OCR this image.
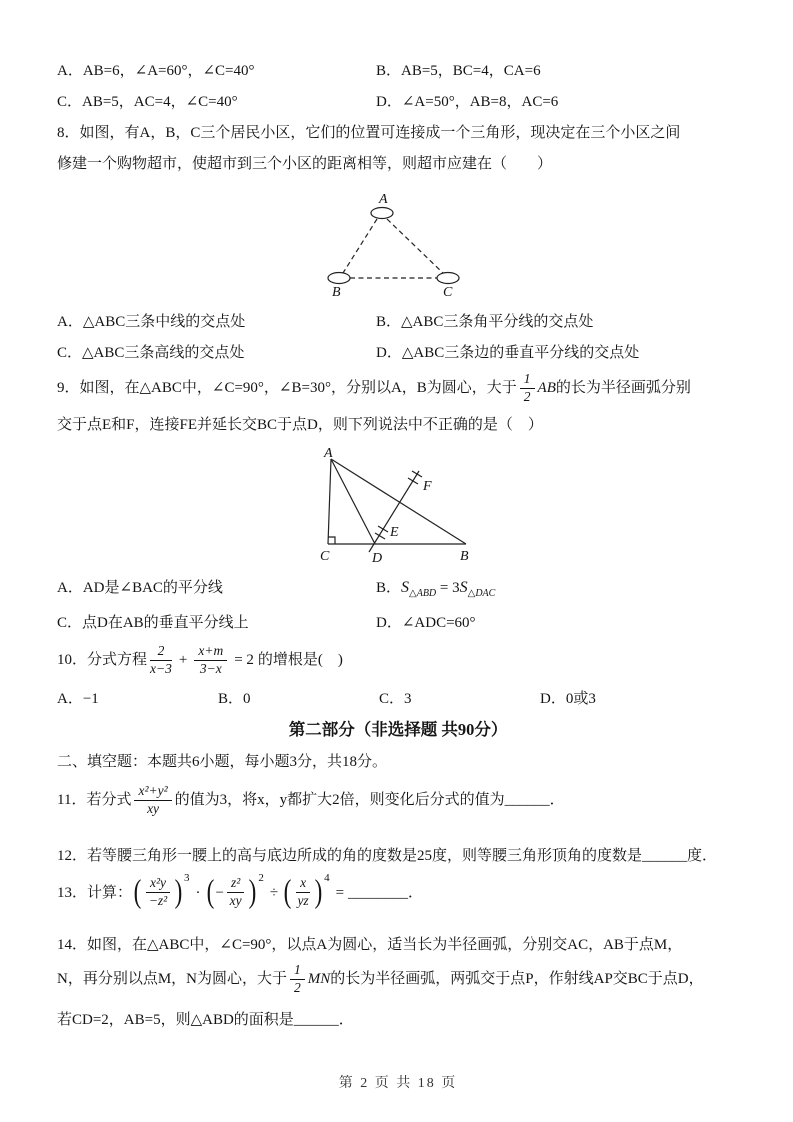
A．AB=6，∠A=60°，∠C=40°	B．AB=5，BC=4，CA=6
C．AB=5，AC=4，∠C=40°	D．∠A=50°，AB=8，AC=6
8．如图，有A，B，C三个居民小区，它们的位置可连接成一个三角形，现决定在三个小区之间
修建一个购物超市，使超市到三个小区的距离相等，则超市应建在（　　）
A
B	C
A．△ABC三条中线的交点处	B．△ABC三条角平分线的交点处
C．△ABC三条高线的交点处	D．△ABC三条边的垂直平分线的交点处
9．如图，在△ABC中，∠C=90°，∠B=30°，分别以A，B为圆心，大于 $\frac{1}{2}$ AB 的长为半径画弧分别
交于点E和F，连接FE并延长交BC于点D，则下列说法中不正确的是（　）
A
C	D	B
E
F
A．AD是∠BAC的平分线	B．$S_{\triangle ABD} = 3S_{\triangle DAC}$
C．点D在AB的垂直平分线上	D．∠ADC=60°
10．分式方程 $\frac{2}{x-3} + \frac{x+m}{3-x} = 2$ 的增根是(　)
A．−1	B．0	C．3	D．0或3
第二部分（非选择题 共90分）
二、填空题：本题共6小题，每小题3分，共18分。
11．若分式 $\frac{\text{x²+y²}}{xy}$ 的值为3，将x，y都扩大2倍，则变化后分式的值为 ______ ．
12．若等腰三角形一腰上的高与底边所成的角的度数是25度，则等腰三角形顶角的度数是______度．
13．计算： ( $\frac{\text{x²y}}{\text{−z²}}$ ) 3
· ( − $\frac{\text{z²}}{xy}$ ) 2
÷ ( $\frac{x}{yz}$ ) 4
= ________ ．
14．如图，在△ABC中，∠C=90°，以点A为圆心，适当长为半径画弧，分别交AC，AB于点M，
N，再分别以点M，N为圆心，大于 $\frac{1}{2}$ MN 的长为半径画弧，两弧交于点P，作射线AP交BC于点D，
若CD=2，AB=5，则△ABD的面积是______．
第 2 页 共 18 页
